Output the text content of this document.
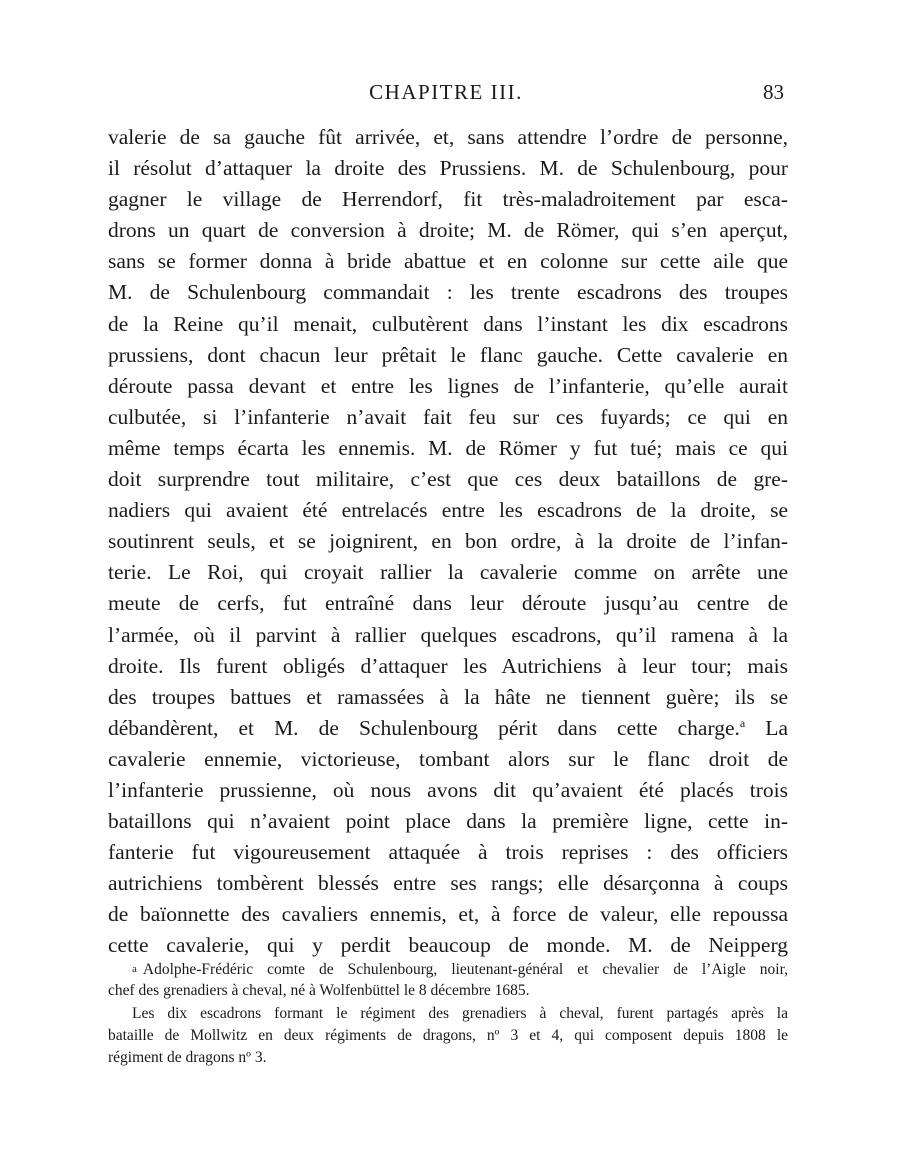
CHAPITRE III.	83
valerie de sa gauche fût arrivée, et, sans attendre l’ordre de personne,
il résolut d’attaquer la droite des Prussiens. M. de Schulenbourg, pour
gagner le village de Herrendorf, fit très-maladroitement par esca-
drons un quart de conversion à droite; M. de Römer, qui s’en aperçut,
sans se former donna à bride abattue et en colonne sur cette aile que
M. de Schulenbourg commandait : les trente escadrons des troupes
de la Reine qu’il menait, culbutèrent dans l’instant les dix escadrons
prussiens, dont chacun leur prêtait le flanc gauche. Cette cavalerie en
déroute passa devant et entre les lignes de l’infanterie, qu’elle aurait
culbutée, si l’infanterie n’avait fait feu sur ces fuyards; ce qui en
même temps écarta les ennemis. M. de Römer y fut tué; mais ce qui
doit surprendre tout militaire, c’est que ces deux bataillons de gre-
nadiers qui avaient été entrelacés entre les escadrons de la droite, se
soutinrent seuls, et se joignirent, en bon ordre, à la droite de l’infan-
terie. Le Roi, qui croyait rallier la cavalerie comme on arrête une
meute de cerfs, fut entraîné dans leur déroute jusqu’au centre de
l’armée, où il parvint à rallier quelques escadrons, qu’il ramena à la
droite. Ils furent obligés d’attaquer les Autrichiens à leur tour; mais
des troupes battues et ramassées à la hâte ne tiennent guère; ils se
débandèrent, et M. de Schulenbourg périt dans cette charge.$^a$ La
cavalerie ennemie, victorieuse, tombant alors sur le flanc droit de
l’infanterie prussienne, où nous avons dit qu’avaient été placés trois
bataillons qui n’avaient point place dans la première ligne, cette in-
fanterie fut vigoureusement attaquée à trois reprises : des officiers
autrichiens tombèrent blessés entre ses rangs; elle désarçonna à coups
de baïonnette des cavaliers ennemis, et, à force de valeur, elle repoussa
cette cavalerie, qui y perdit beaucoup de monde. M. de Neipperg
a Adolphe-Frédéric comte de Schulenbourg, lieutenant-général et chevalier de l’Aigle noir,
chef des grenadiers à cheval, né à Wolfenbüttel le 8 décembre 1685.
Les dix escadrons formant le régiment des grenadiers à cheval, furent partagés après la
bataille de Mollwitz en deux régiments de dragons, nº 3 et 4, qui composent depuis 1808 le
régiment de dragons nº 3.
